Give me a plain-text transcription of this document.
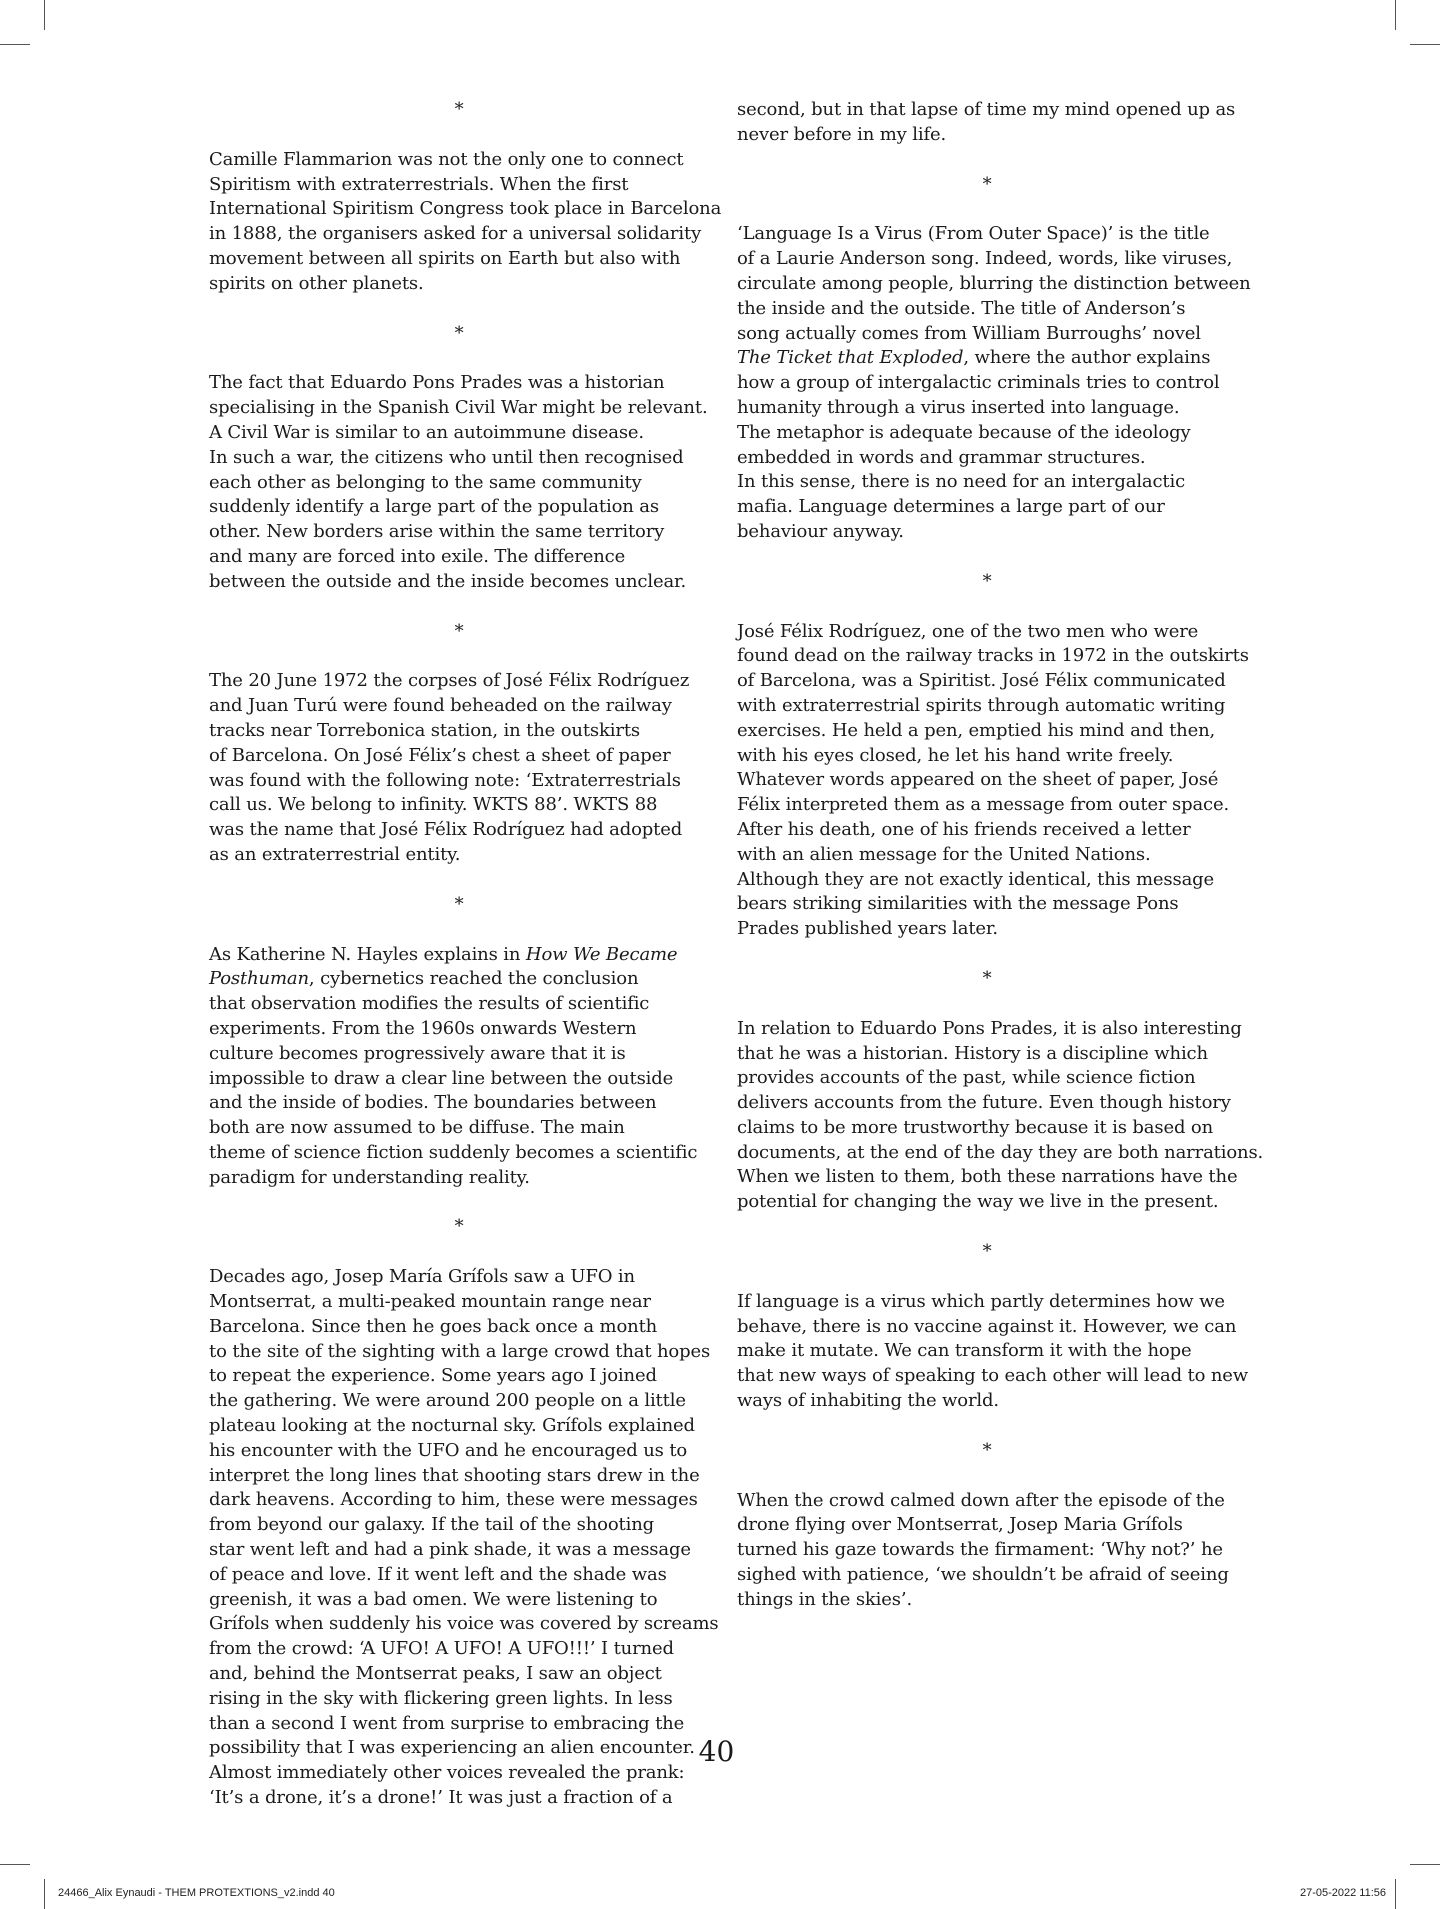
*

Camille Flammarion was not the only one to connect
Spiritism with extraterrestrials. When the first
International Spiritism Congress took place in Barcelona
in 1888, the organisers asked for a universal solidarity
movement between all spirits on Earth but also with
spirits on other planets.

*

The fact that Eduardo Pons Prades was a historian
specialising in the Spanish Civil War might be relevant.
A Civil War is similar to an autoimmune disease.
In such a war, the citizens who until then recognised
each other as belonging to the same community
suddenly identify a large part of the population as
other. New borders arise within the same territory
and many are forced into exile. The difference
between the outside and the inside becomes unclear.

*

The 20 June 1972 the corpses of José Félix Rodríguez
and Juan Turú were found beheaded on the railway
tracks near Torrebonica station, in the outskirts
of Barcelona. On José Félix’s chest a sheet of paper
was found with the following note: ‘Extraterrestrials
call us. We belong to infinity. WKTS 88’. WKTS 88
was the name that José Félix Rodríguez had adopted
as an extraterrestrial entity.

*

As Katherine N. Hayles explains in How We Became
Posthuman, cybernetics reached the conclusion
that observation modifies the results of scientific
experiments. From the 1960s onwards Western
culture becomes progressively aware that it is
impossible to draw a clear line between the outside
and the inside of bodies. The boundaries between
both are now assumed to be diffuse. The main
theme of science fiction suddenly becomes a scientific
paradigm for understanding reality.

*

Decades ago, Josep María Grífols saw a UFO in
Montserrat, a multi-peaked mountain range near
Barcelona. Since then he goes back once a month
to the site of the sighting with a large crowd that hopes
to repeat the experience. Some years ago I joined
the gathering. We were around 200 people on a little
plateau looking at the nocturnal sky. Grífols explained
his encounter with the UFO and he encouraged us to
interpret the long lines that shooting stars drew in the
dark heavens. According to him, these were messages
from beyond our galaxy. If the tail of the shooting
star went left and had a pink shade, it was a message
of peace and love. If it went left and the shade was
greenish, it was a bad omen. We were listening to
Grífols when suddenly his voice was covered by screams
from the crowd: ‘A UFO! A UFO! A UFO!!!’ I turned
and, behind the Montserrat peaks, I saw an object
rising in the sky with flickering green lights. In less
than a second I went from surprise to embracing the
possibility that I was experiencing an alien encounter.
Almost immediately other voices revealed the prank:
‘It’s a drone, it’s a drone!’ It was just a fraction of a

second, but in that lapse of time my mind opened up as
never before in my life.

*

‘Language Is a Virus (From Outer Space)’ is the title
of a Laurie Anderson song. Indeed, words, like viruses,
circulate among people, blurring the distinction between
the inside and the outside. The title of Anderson’s
song actually comes from William Burroughs’ novel
The Ticket that Exploded, where the author explains
how a group of intergalactic criminals tries to control
humanity through a virus inserted into language.
The metaphor is adequate because of the ideology
embedded in words and grammar structures.
In this sense, there is no need for an intergalactic
mafia. Language determines a large part of our
behaviour anyway.

*

José Félix Rodríguez, one of the two men who were
found dead on the railway tracks in 1972 in the outskirts
of Barcelona, was a Spiritist. José Félix communicated
with extraterrestrial spirits through automatic writing
exercises. He held a pen, emptied his mind and then,
with his eyes closed, he let his hand write freely.
Whatever words appeared on the sheet of paper, José
Félix interpreted them as a message from outer space.
After his death, one of his friends received a letter
with an alien message for the United Nations.
Although they are not exactly identical, this message
bears striking similarities with the message Pons
Prades published years later.

*

In relation to Eduardo Pons Prades, it is also interesting
that he was a historian. History is a discipline which
provides accounts of the past, while science fiction
delivers accounts from the future. Even though history
claims to be more trustworthy because it is based on
documents, at the end of the day they are both narrations.
When we listen to them, both these narrations have the
potential for changing the way we live in the present.

*

If language is a virus which partly determines how we
behave, there is no vaccine against it. However, we can
make it mutate. We can transform it with the hope
that new ways of speaking to each other will lead to new
ways of inhabiting the world.

*

When the crowd calmed down after the episode of the
drone flying over Montserrat, Josep Maria Grífols
turned his gaze towards the firmament: ‘Why not?’ he
sighed with patience, ‘we shouldn’t be afraid of seeing
things in the skies’.

40
24466_Alix Eynaudi - THEM PROTEXTIONS_v2.indd 40	27-05-2022 11:56
